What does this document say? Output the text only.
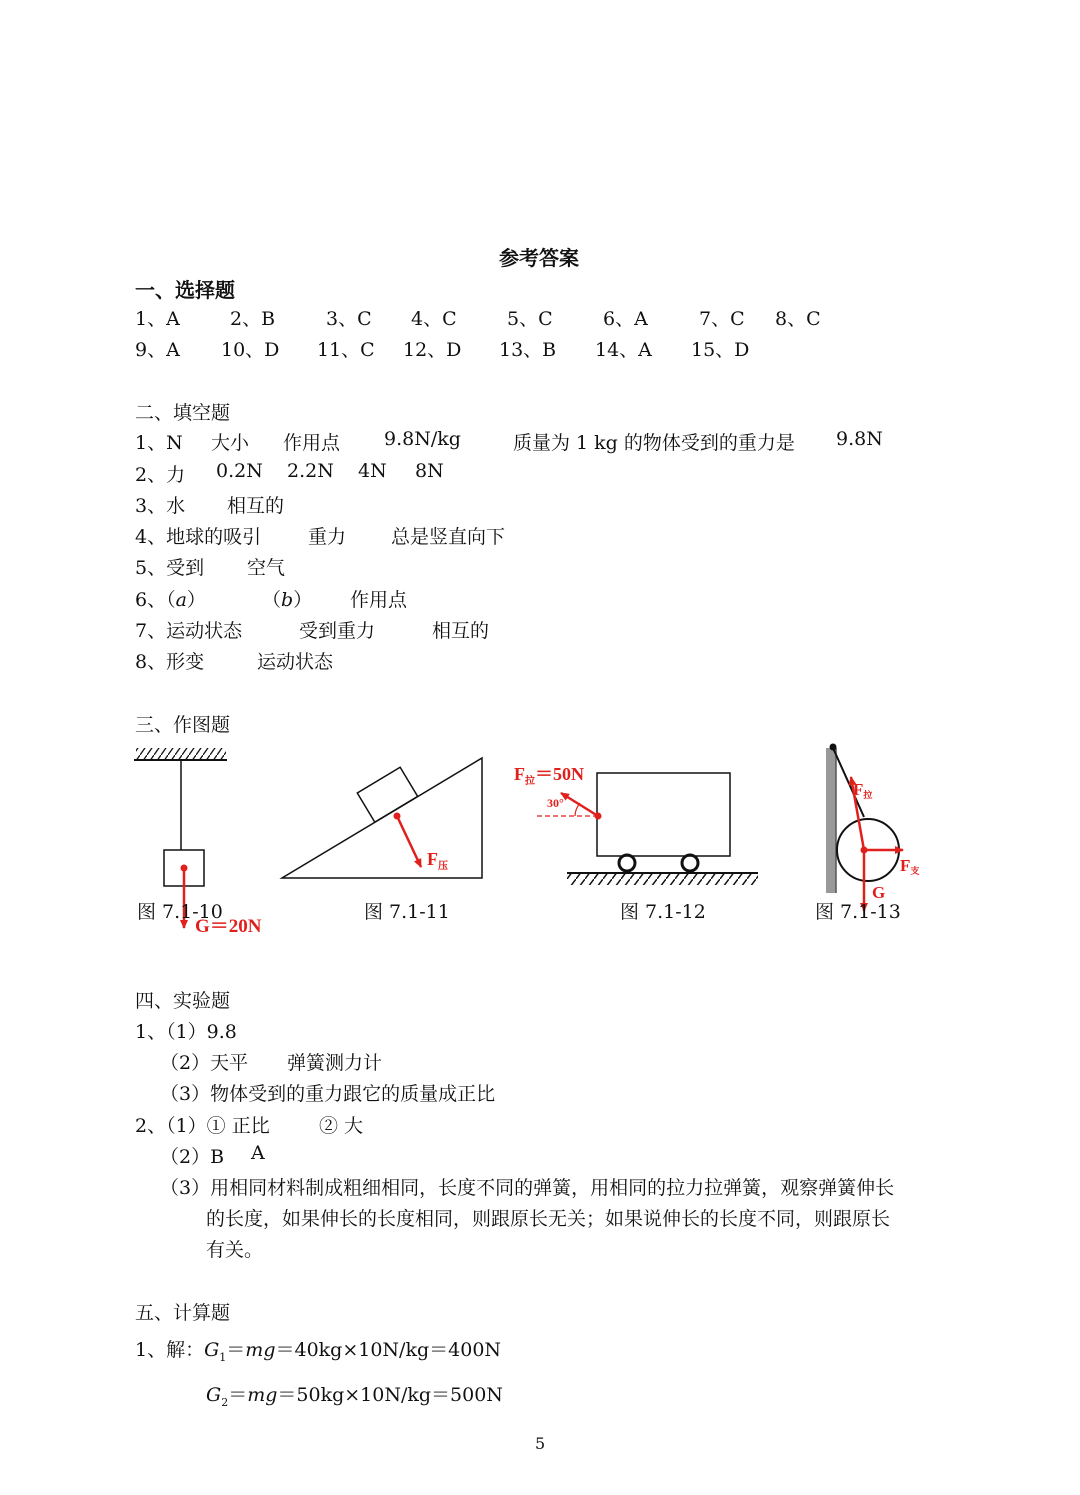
参考答案
一、选择题
1、A	2、B	3、C 4、C	5、C	6、A	7、C 8、C
9、A 10、D 11、C 12、D 13、B 14、A 15、D
二、填空题
1、N 大小 作用点 9.8N/kg	质量为 1 kg 的物体受到的重力是 9.8N
2、力 0.2N 2.2N 4N 8N
3、水 相互的
4、地球的吸引 重力 总是竖直向下
5、受到 空气
6、（a）	（b） 作用点
7、运动状态	受到重力	相互的
8、形变	运动状态
三、作图题
G＝20N
$F_压$
30°
$F_拉=50N$
F拉
F支
G
图 7.1-10	图 7.1-11	图 7.1-12	图 7.1-13
四、实验题
1、（1）9.8
（2）天平 弹簧测力计
（3）物体受到的重力跟它的质量成正比
2、（1）① 正比	② 大
（2）B A
（3）用相同材料制成粗细相同，长度不同的弹簧，用相同的拉力拉弹簧，观察弹簧伸长
的长度，如果伸长的长度相同，则跟原长无关；如果说伸长的长度不同，则跟原长
有关。
五、计算题
1、解：$G_1=mg=40kg\times 10N/kg=400N$
$G_2=mg=50kg\times 10N/kg=500N$
5
